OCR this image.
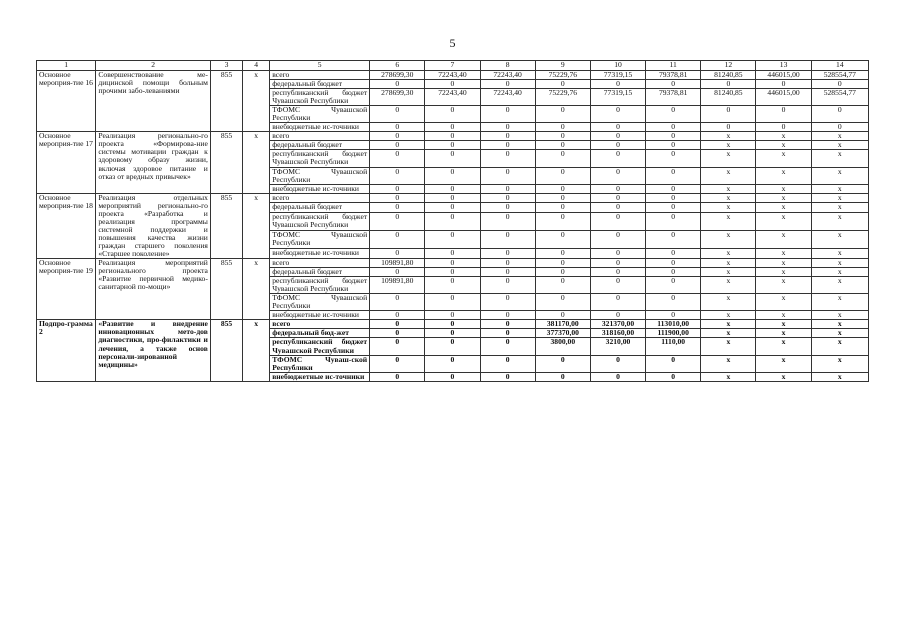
5
1	2	3	4	5	6	7	8	9	10	11	12	13	14
Основное мероприя-тие 16	Совершенствование ме-дицинской помощи больным прочими забо-леваниями	855	х	всего	278699,30	72243,40	72243,40	75229,76	77319,15	79378,81	81240,85	446015,00	528554,77
				федеральный бюджет	0	0	0	0	0	0	0	0	0
				республиканский бюджет Чувашской Республики	278699,30	72243,40	72243,40	75229,76	77319,15	79378,81	81240,85	446015,00	528554,77
				ТФОМС Чувашской Республики	0	0	0	0	0	0	0	0	0
				внебюджетные ис-точники	0	0	0	0	0	0	0	0	0
Основное мероприя-тие 17	Реализация регионально-го проекта «Формирова-ние системы мотивации граждан к здоровому образу жизни, включая здоровое питание и отказ от вредных привычек»	855	х	всего	0	0	0	0	0	0	х	х	х
				федеральный бюджет	0	0	0	0	0	0	х	х	х
				республиканский бюджет Чувашской Республики	0	0	0	0	0	0	х	х	х
				ТФОМС Чувашской Республики	0	0	0	0	0	0	х	х	х
				внебюджетные ис-точники	0	0	0	0	0	0	х	х	х
Основное мероприя-тие 18	Реализация отдельных мероприятий регионально-го проекта «Разработка и реализация программы системной поддержки и повышения качества жизни граждан старшего поколения «Старшее поколение»	855	х	всего	0	0	0	0	0	0	х	х	х
				федеральный бюджет	0	0	0	0	0	0	х	х	х
				республиканский бюджет Чувашской Республики	0	0	0	0	0	0	х	х	х
				ТФОМС Чувашской Республики	0	0	0	0	0	0	х	х	х
				внебюджетные ис-точники	0	0	0	0	0	0	х	х	х
Основное мероприя-тие 19	Реализация мероприятий регионального проекта «Развитие первичной медико-санитарной по-мощи»	855	х	всего	109891,80	0	0	0	0	0	х	х	х
				федеральный бюджет	0	0	0	0	0	0	х	х	х
				республиканский бюджет Чувашской Республики	109891,80	0	0	0	0	0	х	х	х
				ТФОМС Чувашской Республики	0	0	0	0	0	0	х	х	х
				внебюджетные ис-точники	0	0	0	0	0	0	х	х	х
Подпро-грамма 2	«Развитие и внедрение инновационных мето-дов диагностики, про-филактики и лечения, а также основ персонали-зированной медицины»	855	х	всего	0	0	0	381170,00	321370,00	113010,00	х	х	х
				федеральный бюд-жет	0	0	0	377370,00	318160,00	111900,00	х	х	х
				республиканский бюджет Чувашской Республики	0	0	0	3800,00	3210,00	1110,00	х	х	х
				ТФОМС Чуваш-ской Республики	0	0	0	0	0	0	х	х	х
				внебюджетные ис-точники	0	0	0	0	0	0	х	х	х
